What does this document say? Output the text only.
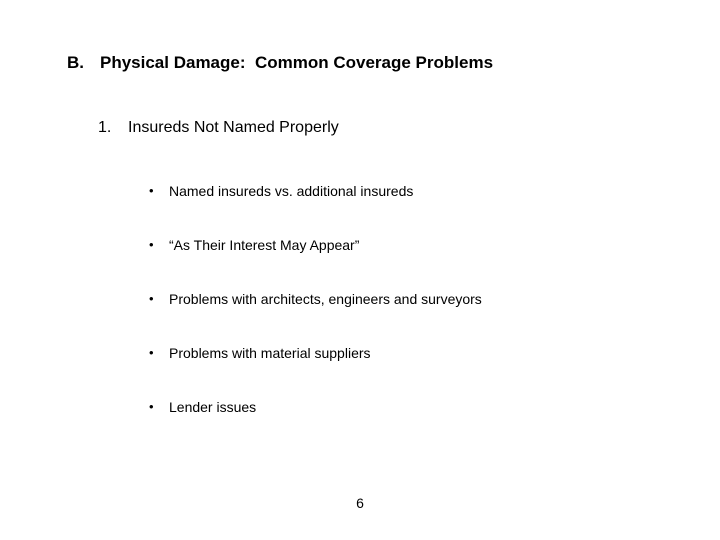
B. Physical Damage:  Common Coverage Problems
1.	Insureds Not Named Properly
•	Named insureds vs. additional insureds
•	“As Their Interest May Appear”
•	Problems with architects, engineers and surveyors
•	Problems with material suppliers
•	Lender issues
6
